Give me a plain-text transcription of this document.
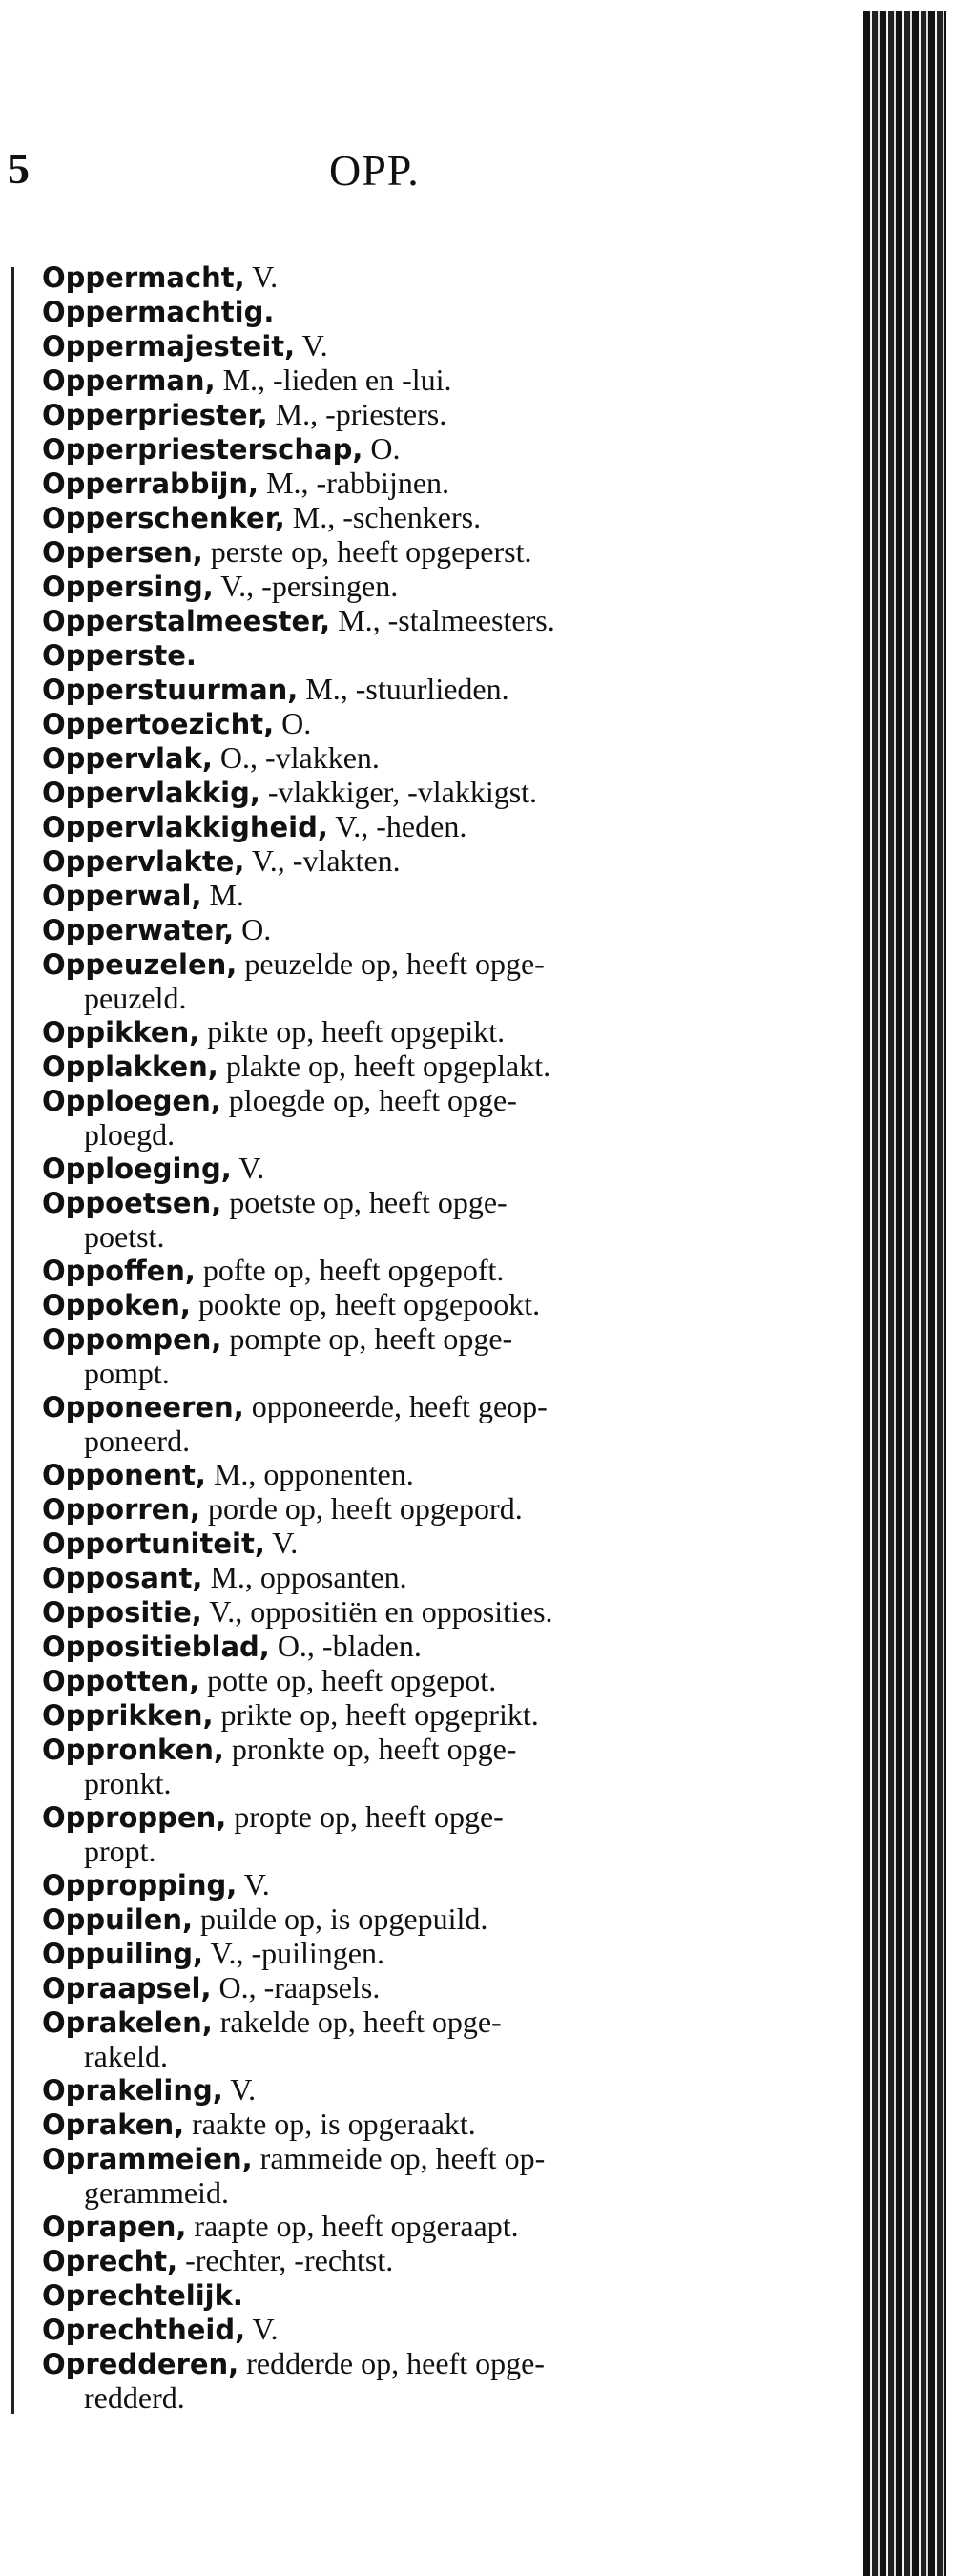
5	OPP.
Oppermacht, V.
Oppermachtig.
Oppermajesteit, V.
Opperman, M., -lieden en -lui.
Opperpriester, M., -priesters.
Opperpriesterschap, O.
Opperrabbijn, M., -rabbijnen.
Opperschenker, M., -schenkers.
Oppersen, perste op, heeft opgeperst.
Oppersing, V., -persingen.
Opperstalmeester, M., -stalmeesters.
Opperste.
Opperstuurman, M., -stuurlieden.
Oppertoezicht, O.
Oppervlak, O., -vlakken.
Oppervlakkig, -vlakkiger, -vlakkigst.
Oppervlakkigheid, V., -heden.
Oppervlakte, V., -vlakten.
Opperwal, M.
Opperwater, O.
Oppeuzelen, peuzelde op, heeft opge-
peuzeld.
Oppikken, pikte op, heeft opgepikt.
Opplakken, plakte op, heeft opgeplakt.
Opploegen, ploegde op, heeft opge-
ploegd.
Opploeging, V.
Oppoetsen, poetste op, heeft opge-
poetst.
Oppoffen, pofte op, heeft opgepoft.
Oppoken, pookte op, heeft opgepookt.
Oppompen, pompte op, heeft opge-
pompt.
Opponeeren, opponeerde, heeft geop-
poneerd.
Opponent, M., opponenten.
Opporren, porde op, heeft opgepord.
Opportuniteit, V.
Opposant, M., opposanten.
Oppositie, V., oppositiën en opposities.
Oppositieblad, O., -bladen.
Oppotten, potte op, heeft opgepot.
Opprikken, prikte op, heeft opgeprikt.
Oppronken, pronkte op, heeft opge-
pronkt.
Opproppen, propte op, heeft opge-
propt.
Oppropping, V.
Oppuilen, puilde op, is opgepuild.
Oppuiling, V., -puilingen.
Opraapsel, O., -raapsels.
Oprakelen, rakelde op, heeft opge-
rakeld.
Oprakeling, V.
Opraken, raakte op, is opgeraakt.
Oprammeien, rammeide op, heeft op-
gerammeid.
Oprapen, raapte op, heeft opgeraapt.
Oprecht, -rechter, -rechtst.
Oprechtelijk.
Oprechtheid, V.
Opredderen, redderde op, heeft opge-
redderd.
